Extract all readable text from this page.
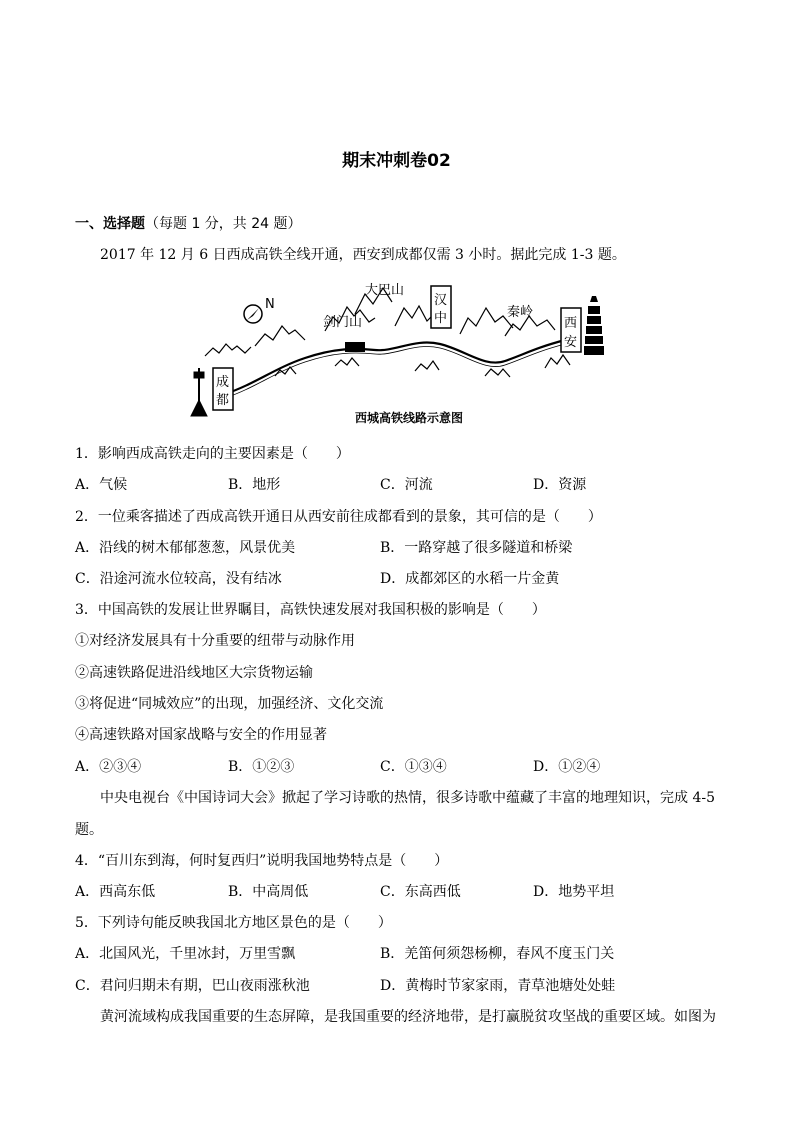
期末冲刺卷02
一、选择题（每题 1 分，共 24 题）
2017 年 12 月 6 日西成高铁全线开通，西安到成都仅需 3 小时。据此完成 1-3 题。
N
成
都
大巴山
剑门山
汉
中	秦岭
西
安
西城高铁线路示意图
1．影响西成高铁走向的主要因素是（　　）
A．气候	B．地形	C．河流	D．资源
2．一位乘客描述了西成高铁开通日从西安前往成都看到的景象，其可信的是（　　）
A．沿线的树木郁郁葱葱，风景优美	B．一路穿越了很多隧道和桥梁
C．沿途河流水位较高，没有结冰	D．成都郊区的水稻一片金黄
3．中国高铁的发展让世界瞩目，高铁快速发展对我国积极的影响是（　　）
①对经济发展具有十分重要的纽带与动脉作用
②高速铁路促进沿线地区大宗货物运输
③将促进“同城效应”的出现，加强经济、文化交流
④高速铁路对国家战略与安全的作用显著
A．②③④	B．①②③	C．①③④	D．①②④
中央电视台《中国诗词大会》掀起了学习诗歌的热情，很多诗歌中蕴藏了丰富的地理知识，完成 4-5
题。
4．“百川东到海，何时复西归”说明我国地势特点是（　　）
A．西高东低	B．中高周低	C．东高西低	D．地势平坦
5．下列诗句能反映我国北方地区景色的是（　　）
A．北国风光，千里冰封，万里雪飘	B．羌笛何须怨杨柳，春风不度玉门关
C．君问归期未有期，巴山夜雨涨秋池	D．黄梅时节家家雨，青草池塘处处蛙
黄河流域构成我国重要的生态屏障，是我国重要的经济地带，是打赢脱贫攻坚战的重要区域。如图为
